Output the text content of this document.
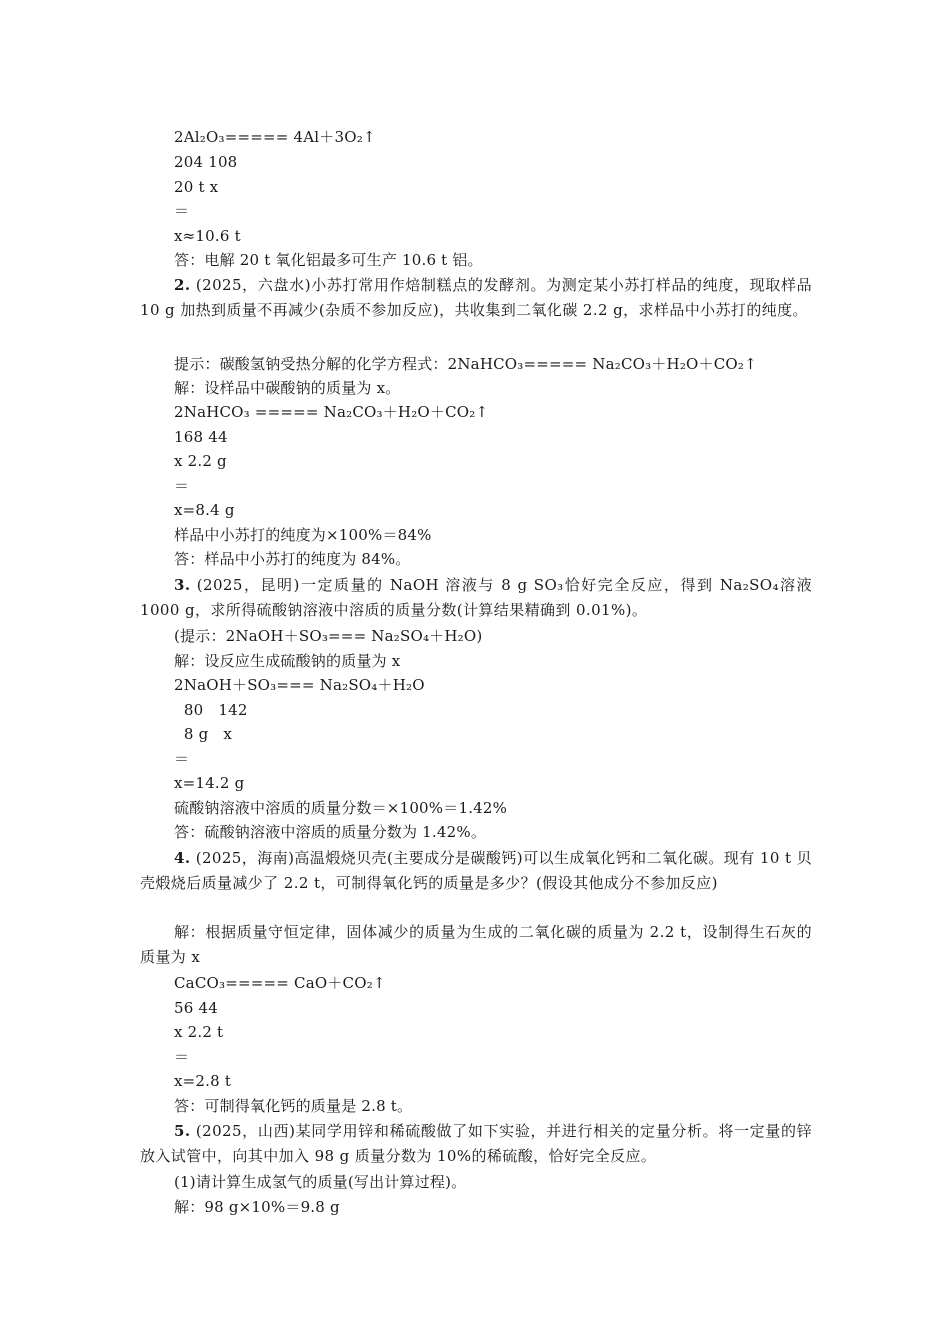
2Al₂O₃===== 4Al＋3O₂↑
204 108
20 t x
＝
x≈10.6 t
答：电解 20 t 氧化铝最多可生产 10.6 t 铝。
2. (2025，六盘水)小苏打常用作焙制糕点的发酵剂。为测定某小苏打样品的纯度，现取样品 10 g 加热到质量不再减少(杂质不参加反应)，共收集到二氧化碳 2.2 g，求样品中小苏打的纯度。
提示：碳酸氢钠受热分解的化学方程式：2NaHCO₃===== Na₂CO₃＋H₂O＋CO₂↑
解：设样品中碳酸钠的质量为 x。
2NaHCO₃ ===== Na₂CO₃＋H₂O＋CO₂↑
168 44
x 2.2 g
＝
x=8.4 g
样品中小苏打的纯度为×100%＝84%
答：样品中小苏打的纯度为 84%。
3. (2025，昆明)一定质量的 NaOH 溶液与 8 g SO₃恰好完全反应，得到 Na₂SO₄溶液 1000 g，求所得硫酸钠溶液中溶质的质量分数(计算结果精确到 0.01%)。
(提示：2NaOH＋SO₃=== Na₂SO₄＋H₂O)
解：设反应生成硫酸钠的质量为 x
2NaOH＋SO₃=== Na₂SO₄＋H₂O
80   142
8 g   x
＝
x=14.2 g
硫酸钠溶液中溶质的质量分数＝×100%＝1.42%
答：硫酸钠溶液中溶质的质量分数为 1.42%。
4. (2025，海南)高温煅烧贝壳(主要成分是碳酸钙)可以生成氧化钙和二氧化碳。现有 10 t 贝壳煅烧后质量减少了 2.2 t，可制得氧化钙的质量是多少？(假设其他成分不参加反应)
解：根据质量守恒定律，固体减少的质量为生成的二氧化碳的质量为 2.2 t，设制得生石灰的质量为 x
CaCO₃===== CaO＋CO₂↑
56 44
x 2.2 t
＝
x=2.8 t
答：可制得氧化钙的质量是 2.8 t。
5. (2025，山西)某同学用锌和稀硫酸做了如下实验，并进行相关的定量分析。将一定量的锌放入试管中，向其中加入 98 g 质量分数为 10%的稀硫酸，恰好完全反应。
(1)请计算生成氢气的质量(写出计算过程)。
解：98 g×10%＝9.8 g
